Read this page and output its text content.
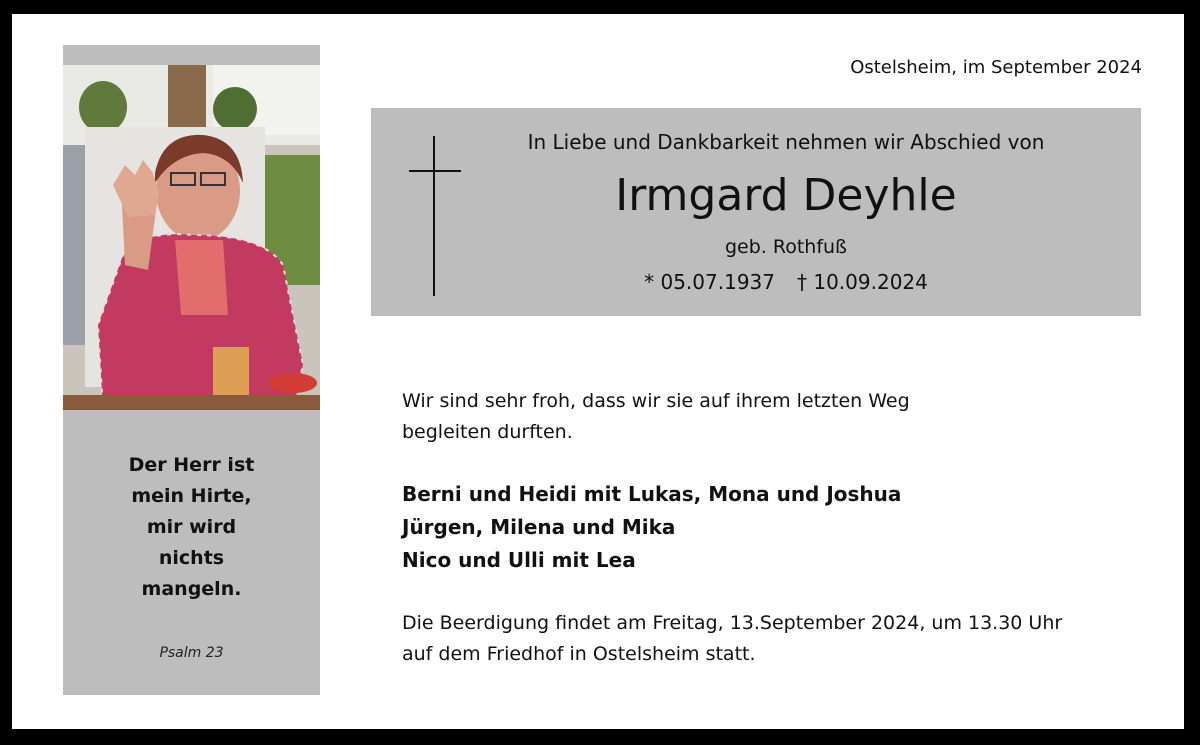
Der Herr ist
mein Hirte,
mir wird
nichts
mangeln.
Psalm 23
Ostelsheim, im September 2024
In Liebe und Dankbarkeit nehmen wir Abschied von
Irmgard Deyhle
geb. Rothfuß
* 05.07.1937 † 10.09.2024
Wir sind sehr froh, dass wir sie auf ihrem letzten Weg
begleiten durften.
Berni und Heidi mit Lukas, Mona und Joshua
Jürgen, Milena und Mika
Nico und Ulli mit Lea
Die Beerdigung findet am Freitag, 13.September 2024, um 13.30 Uhr
auf dem Friedhof in Ostelsheim statt.
